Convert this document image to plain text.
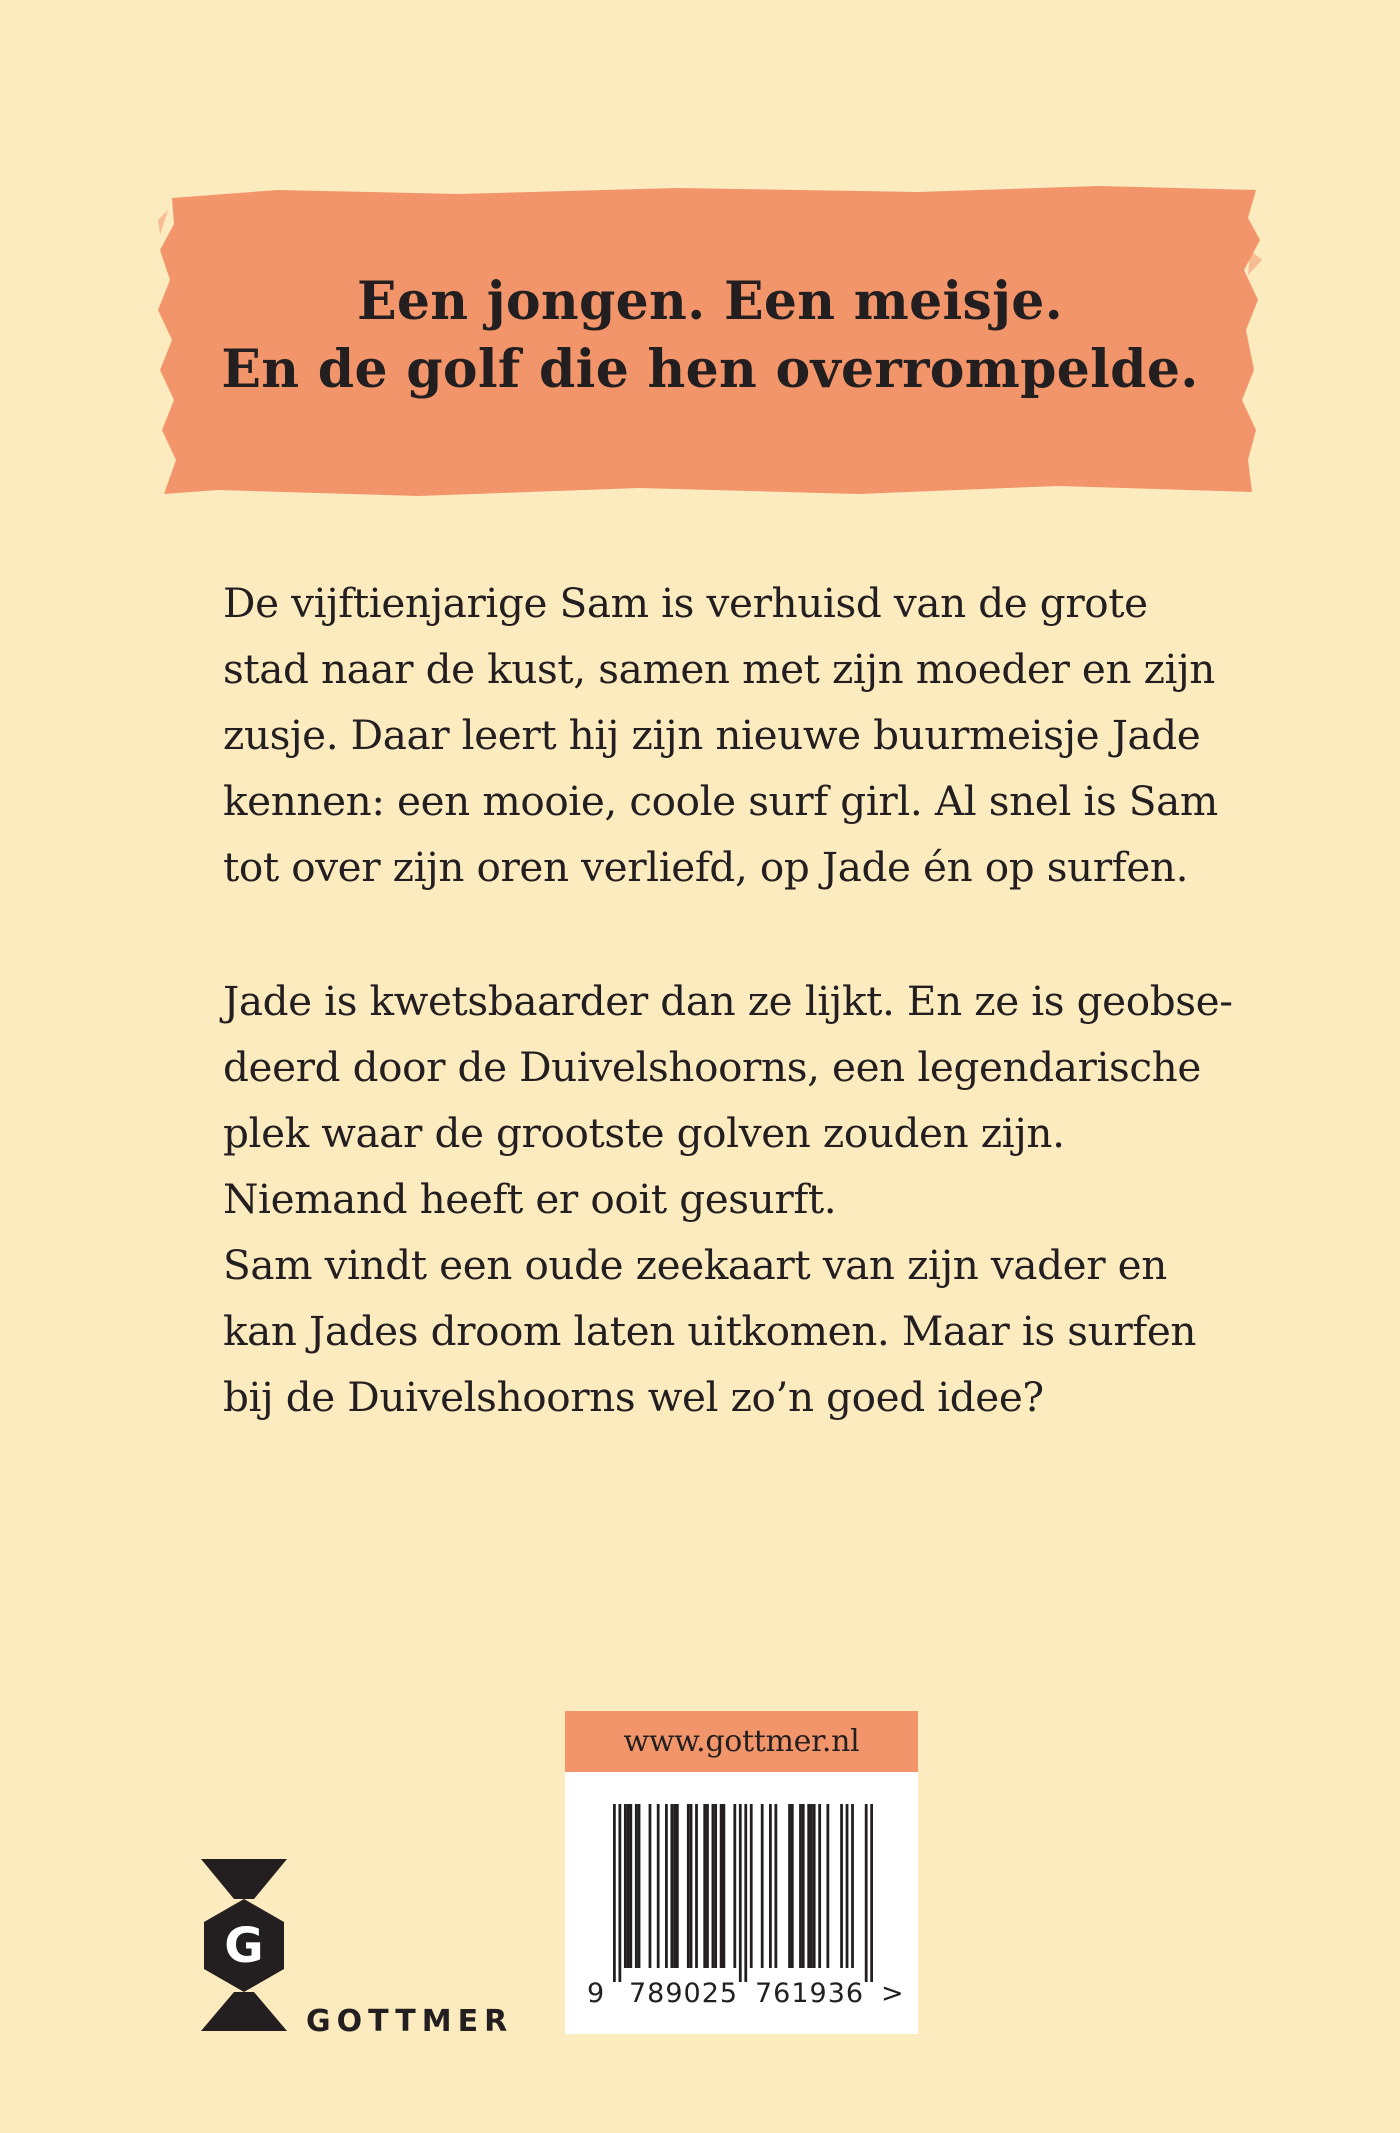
Een jongen. Een meisje.
En de golf die hen overrompelde.
De vijftienjarige Sam is verhuisd van de grote
stad naar de kust, samen met zijn moeder en zijn
zusje. Daar leert hij zijn nieuwe buurmeisje Jade
kennen: een mooie, coole surf girl. Al snel is Sam
tot over zijn oren verliefd, op Jade én op surfen.
Jade is kwetsbaarder dan ze lijkt. En ze is geobse-
deerd door de Duivelshoorns, een legendarische
plek waar de grootste golven zouden zijn.
Niemand heeft er ooit gesurft.
Sam vindt een oude zeekaart van zijn vader en
kan Jades droom laten uitkomen. Maar is surfen
bij de Duivelshoorns wel zo’n goed idee?
G
GOTTMER
www.gottmer.nl
9 789025 761936 >
